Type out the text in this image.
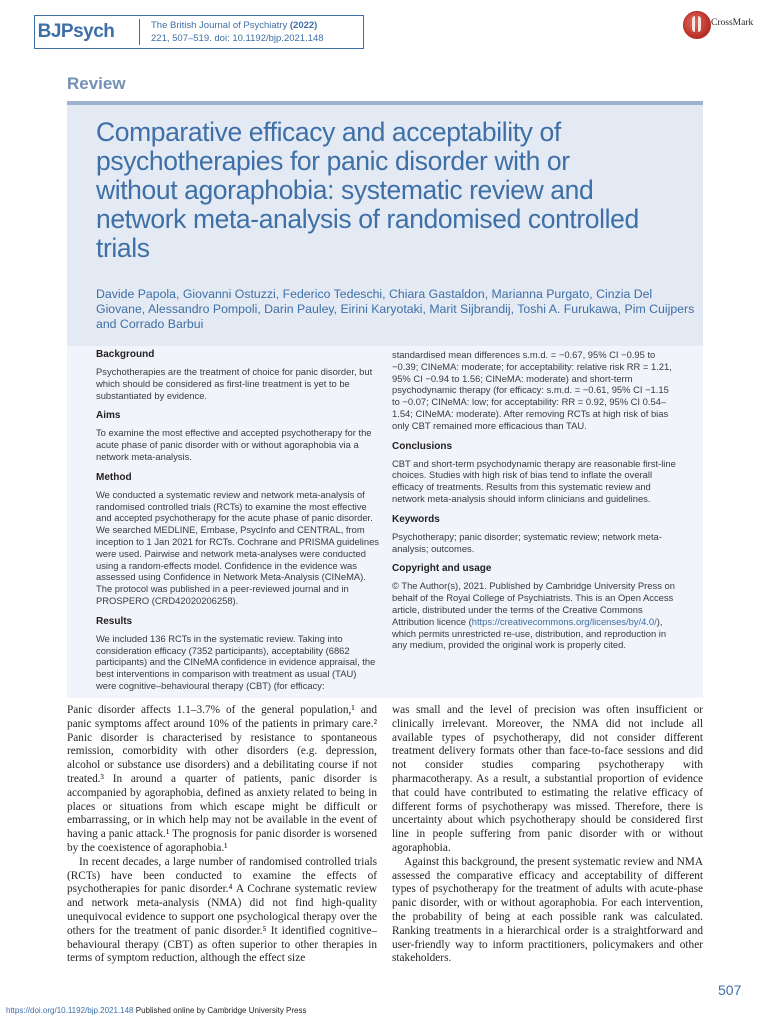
BJPsych	The British Journal of Psychiatry (2022)
221, 507–519. doi: 10.1192/bjp.2021.148
CrossMark
Review
Comparative efficacy and acceptability of psychotherapies for panic disorder with or without agoraphobia: systematic review and network meta-analysis of randomised controlled trials
Davide Papola, Giovanni Ostuzzi, Federico Tedeschi, Chiara Gastaldon, Marianna Purgato, Cinzia Del Giovane, Alessandro Pompoli, Darin Pauley, Eirini Karyotaki, Marit Sijbrandij, Toshi A. Furukawa, Pim Cuijpers and Corrado Barbui
Background

Psychotherapies are the treatment of choice for panic disorder, but which should be considered as first-line treatment is yet to be substantiated by evidence.

Aims

To examine the most effective and accepted psychotherapy for the acute phase of panic disorder with or without agoraphobia via a network meta-analysis.

Method

We conducted a systematic review and network meta-analysis of randomised controlled trials (RCTs) to examine the most effective and accepted psychotherapy for the acute phase of panic disorder. We searched MEDLINE, Embase, PsycInfo and CENTRAL, from inception to 1 Jan 2021 for RCTs. Cochrane and PRISMA guidelines were used. Pairwise and network meta-analyses were conducted using a random-effects model. Confidence in the evidence was assessed using Confidence in Network Meta-Analysis (CINeMA). The protocol was published in a peer-reviewed journal and in PROSPERO (CRD42020206258).

Results

We included 136 RCTs in the systematic review. Taking into consideration efficacy (7352 participants), acceptability (6862 participants) and the CINeMA confidence in evidence appraisal, the best interventions in comparison with treatment as usual (TAU) were cognitive–behavioural therapy (CBT) (for efficacy:

standardised mean differences s.m.d. = −0.67, 95% CI −0.95 to −0.39; CINeMA: moderate; for acceptability: relative risk RR = 1.21, 95% CI −0.94 to 1.56; CINeMA: moderate) and short-term psychodynamic therapy (for efficacy: s.m.d. = −0.61, 95% CI −1.15 to −0.07; CINeMA: low; for acceptability: RR = 0.92, 95% CI 0.54–1.54; CINeMA: moderate). After removing RCTs at high risk of bias only CBT remained more efficacious than TAU.

Conclusions

CBT and short-term psychodynamic therapy are reasonable first-line choices. Studies with high risk of bias tend to inflate the overall efficacy of treatments. Results from this systematic review and network meta-analysis should inform clinicians and guidelines.

Keywords

Psychotherapy; panic disorder; systematic review; network meta-analysis; outcomes.

Copyright and usage

© The Author(s), 2021. Published by Cambridge University Press on behalf of the Royal College of Psychiatrists. This is an Open Access article, distributed under the terms of the Creative Commons Attribution licence (https://creativecommons.org/licenses/by/4.0/), which permits unrestricted re-use, distribution, and reproduction in any medium, provided the original work is properly cited.

Panic disorder affects 1.1–3.7% of the general population,¹ and panic symptoms affect around 10% of the patients in primary care.² Panic disorder is characterised by resistance to spontaneous remission, comorbidity with other disorders (e.g. depression, alcohol or substance use disorders) and a debilitating course if not treated.³ In around a quarter of patients, panic disorder is accompanied by agoraphobia, defined as anxiety related to being in places or situations from which escape might be difficult or embarrassing, or in which help may not be available in the event of having a panic attack.¹ The prognosis for panic disorder is worsened by the coexistence of agoraphobia.¹

In recent decades, a large number of randomised controlled trials (RCTs) have been conducted to examine the effects of psychotherapies for panic disorder.⁴ A Cochrane systematic review and network meta-analysis (NMA) did not find high-quality unequivocal evidence to support one psychological therapy over the others for the treatment of panic disorder.⁵ It identified cognitive–behavioural therapy (CBT) as often superior to other therapies in terms of symptom reduction, although the effect size

was small and the level of precision was often insufficient or clinically irrelevant. Moreover, the NMA did not include all available types of psychotherapy, did not consider different treatment delivery formats other than face-to-face sessions and did not consider studies comparing psychotherapy with pharmacotherapy. As a result, a substantial proportion of evidence that could have contributed to estimating the relative efficacy of different forms of psychotherapy was missed. Therefore, there is uncertainty about which psychotherapy should be considered first line in people suffering from panic disorder with or without agoraphobia.

Against this background, the present systematic review and NMA assessed the comparative efficacy and acceptability of different types of psychotherapy for the treatment of adults with acute-phase panic disorder, with or without agoraphobia. For each intervention, the probability of being at each possible rank was calculated. Ranking treatments in a hierarchical order is a straightforward and user-friendly way to inform practitioners, policymakers and other stakeholders.

507
https://doi.org/10.1192/bjp.2021.148 Published online by Cambridge University Press
